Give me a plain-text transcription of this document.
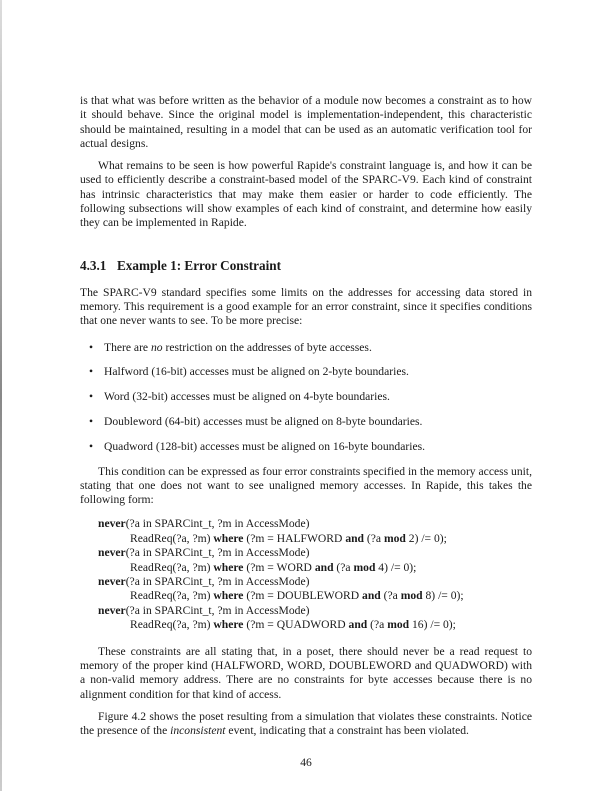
is that what was before written as the behavior of a module now becomes a constraint as to how it should behave. Since the original model is implementation-independent, this characteristic should be maintained, resulting in a model that can be used as an automatic verification tool for actual designs.

What remains to be seen is how powerful Rapide's constraint language is, and how it can be used to efficiently describe a constraint-based model of the SPARC-V9. Each kind of constraint has intrinsic characteristics that may make them easier or harder to code efficiently. The following subsections will show examples of each kind of constraint, and determine how easily they can be implemented in Rapide.

4.3.1 Example 1: Error Constraint

The SPARC-V9 standard specifies some limits on the addresses for accessing data stored in memory. This requirement is a good example for an error constraint, since it specifies conditions that one never wants to see. To be more precise:

• There are no restriction on the addresses of byte accesses.
• Halfword (16-bit) accesses must be aligned on 2-byte boundaries.
• Word (32-bit) accesses must be aligned on 4-byte boundaries.
• Doubleword (64-bit) accesses must be aligned on 8-byte boundaries.
• Quadword (128-bit) accesses must be aligned on 16-byte boundaries.

This condition can be expressed as four error constraints specified in the memory access unit, stating that one does not want to see unaligned memory accesses. In Rapide, this takes the following form:

never(?a in SPARCint_t, ?m in AccessMode)
ReadReq(?a, ?m) where (?m = HALFWORD and (?a mod 2) /= 0);
never(?a in SPARCint_t, ?m in AccessMode)
ReadReq(?a, ?m) where (?m = WORD and (?a mod 4) /= 0);
never(?a in SPARCint_t, ?m in AccessMode)
ReadReq(?a, ?m) where (?m = DOUBLEWORD and (?a mod 8) /= 0);
never(?a in SPARCint_t, ?m in AccessMode)
ReadReq(?a, ?m) where (?m = QUADWORD and (?a mod 16) /= 0);

These constraints are all stating that, in a poset, there should never be a read request to memory of the proper kind (HALFWORD, WORD, DOUBLEWORD and QUADWORD) with a non-valid memory address. There are no constraints for byte accesses because there is no alignment condition for that kind of access.

Figure 4.2 shows the poset resulting from a simulation that violates these constraints. Notice the presence of the inconsistent event, indicating that a constraint has been violated.

46
